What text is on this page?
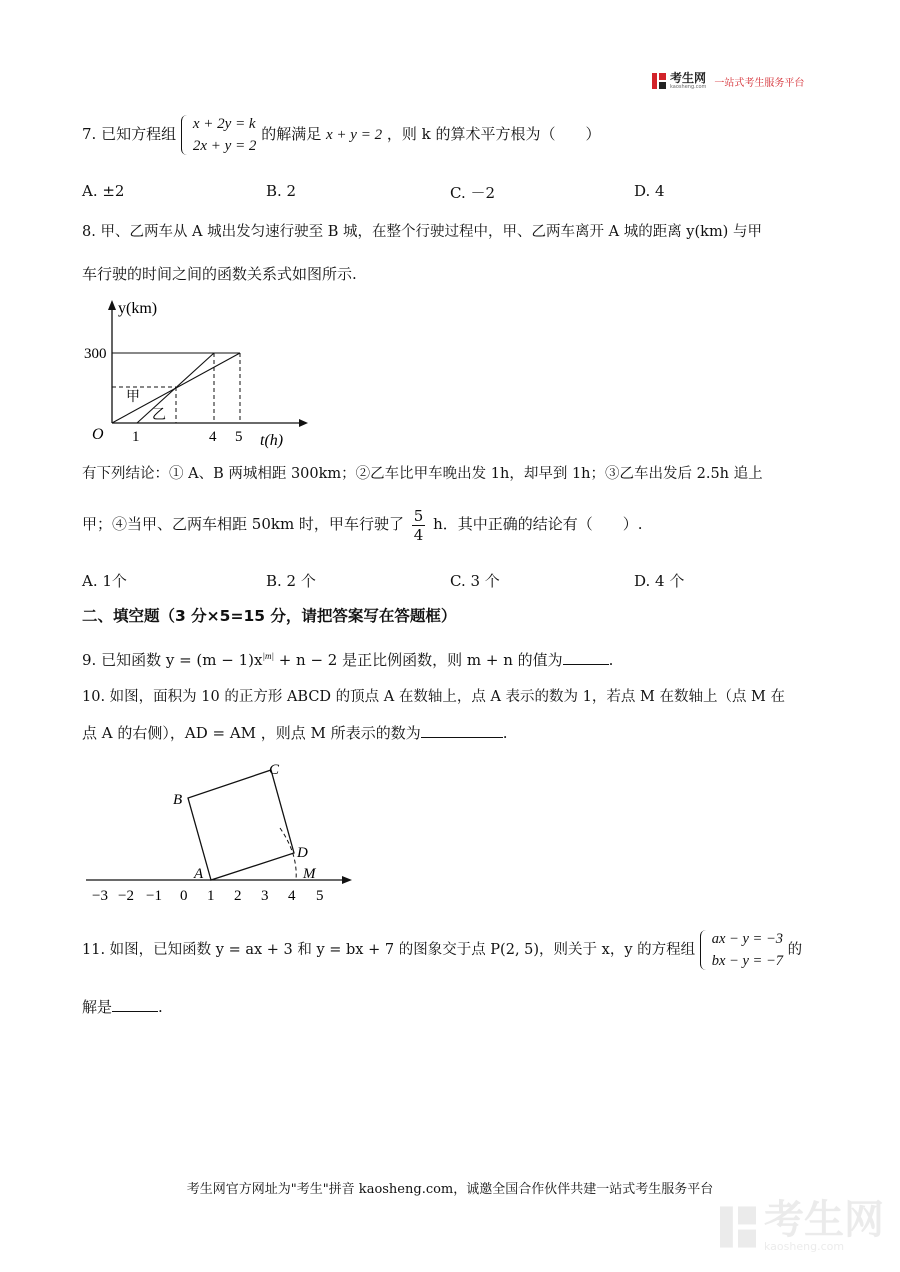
考生网
kaosheng.com 一站式考生服务平台
7. 已知方程组
x + 2y = k
2x + y = 2
的解满足 x + y = 2 ，则 k 的算术平方根为（　　）
A. ±2	B. 2	C. －2	D. 4
8. 甲、乙两车从 A 城出发匀速行驶至 B 城，在整个行驶过程中，甲、乙两车离开 A 城的距离 y(km) 与甲
车行驶的时间之间的函数关系式如图所示.
y(km)
300
O 1	4 5 t(h)
甲
乙
有下列结论：① A、B 两城相距 300km；②乙车比甲车晚出发 1h，却早到 1h；③乙车出发后 2.5h 追上
甲；④当甲、乙两车相距 50km 时，甲车行驶了 $\frac{5}{4}$ h．其中正确的结论有（　　）.
A. 1个	B. 2 个	C. 3 个	D. 4 个
二、填空题（3 分×5=15 分，请把答案写在答题框）
9. 已知函数 $y = (m - 1)x^{|m|} + n - 2$ 是正比例函数，则 m + n 的值为	.
10. 如图，面积为 10 的正方形 ABCD 的顶点 A 在数轴上，点 A 表示的数为 1，若点 M 在数轴上（点 M 在
点 A 的右侧），AD = AM ，则点 M 所表示的数为	.
B
C
D
A	M
−3 −2 −1 0 1 2 3 4 5
11. 如图，已知函数 y = ax + 3 和 y = bx + 7 的图象交于点 P(2, 5)，则关于 x，y 的方程组
ax − y = −3
bx − y = −7
的
解是	.
考生网官方网址为"考生"拼音 kaosheng.com，诚邀全国合作伙伴共建一站式考生服务平台
考生网
kaosheng.com
